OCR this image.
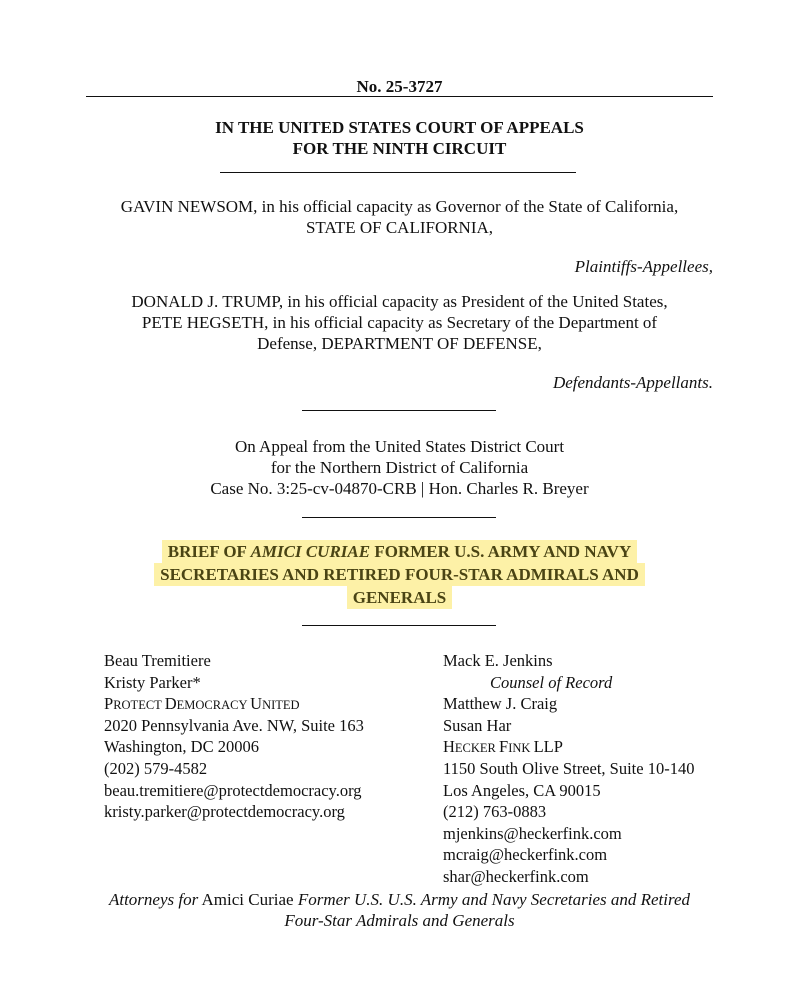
No. 25-3727
IN THE UNITED STATES COURT OF APPEALS
FOR THE NINTH CIRCUIT
GAVIN NEWSOM, in his official capacity as Governor of the State of California,
STATE OF CALIFORNIA,
Plaintiffs-Appellees,
DONALD J. TRUMP, in his official capacity as President of the United States,
PETE HEGSETH, in his official capacity as Secretary of the Department of
Defense, DEPARTMENT OF DEFENSE,
Defendants-Appellants.
On Appeal from the United States District Court
for the Northern District of California
Case No. 3:25-cv-04870-CRB | Hon. Charles R. Breyer
BRIEF OF AMICI CURIAE FORMER U.S. ARMY AND NAVY
SECRETARIES AND RETIRED FOUR-STAR ADMIRALS AND
GENERALS
Beau Tremitiere
Kristy Parker*
PROTECT DEMOCRACY UNITED
2020 Pennsylvania Ave. NW, Suite 163
Washington, DC 20006
(202) 579-4582
beau.tremitiere@protectdemocracy.org
kristy.parker@protectdemocracy.org
Mack E. Jenkins
Counsel of Record
Matthew J. Craig
Susan Har
HECKER FINK LLP
1150 South Olive Street, Suite 10-140
Los Angeles, CA 90015
(212) 763-0883
mjenkins@heckerfink.com
mcraig@heckerfink.com
shar@heckerfink.com
Attorneys for Amici Curiae Former U.S. U.S. Army and Navy Secretaries and Retired
Four-Star Admirals and Generals
